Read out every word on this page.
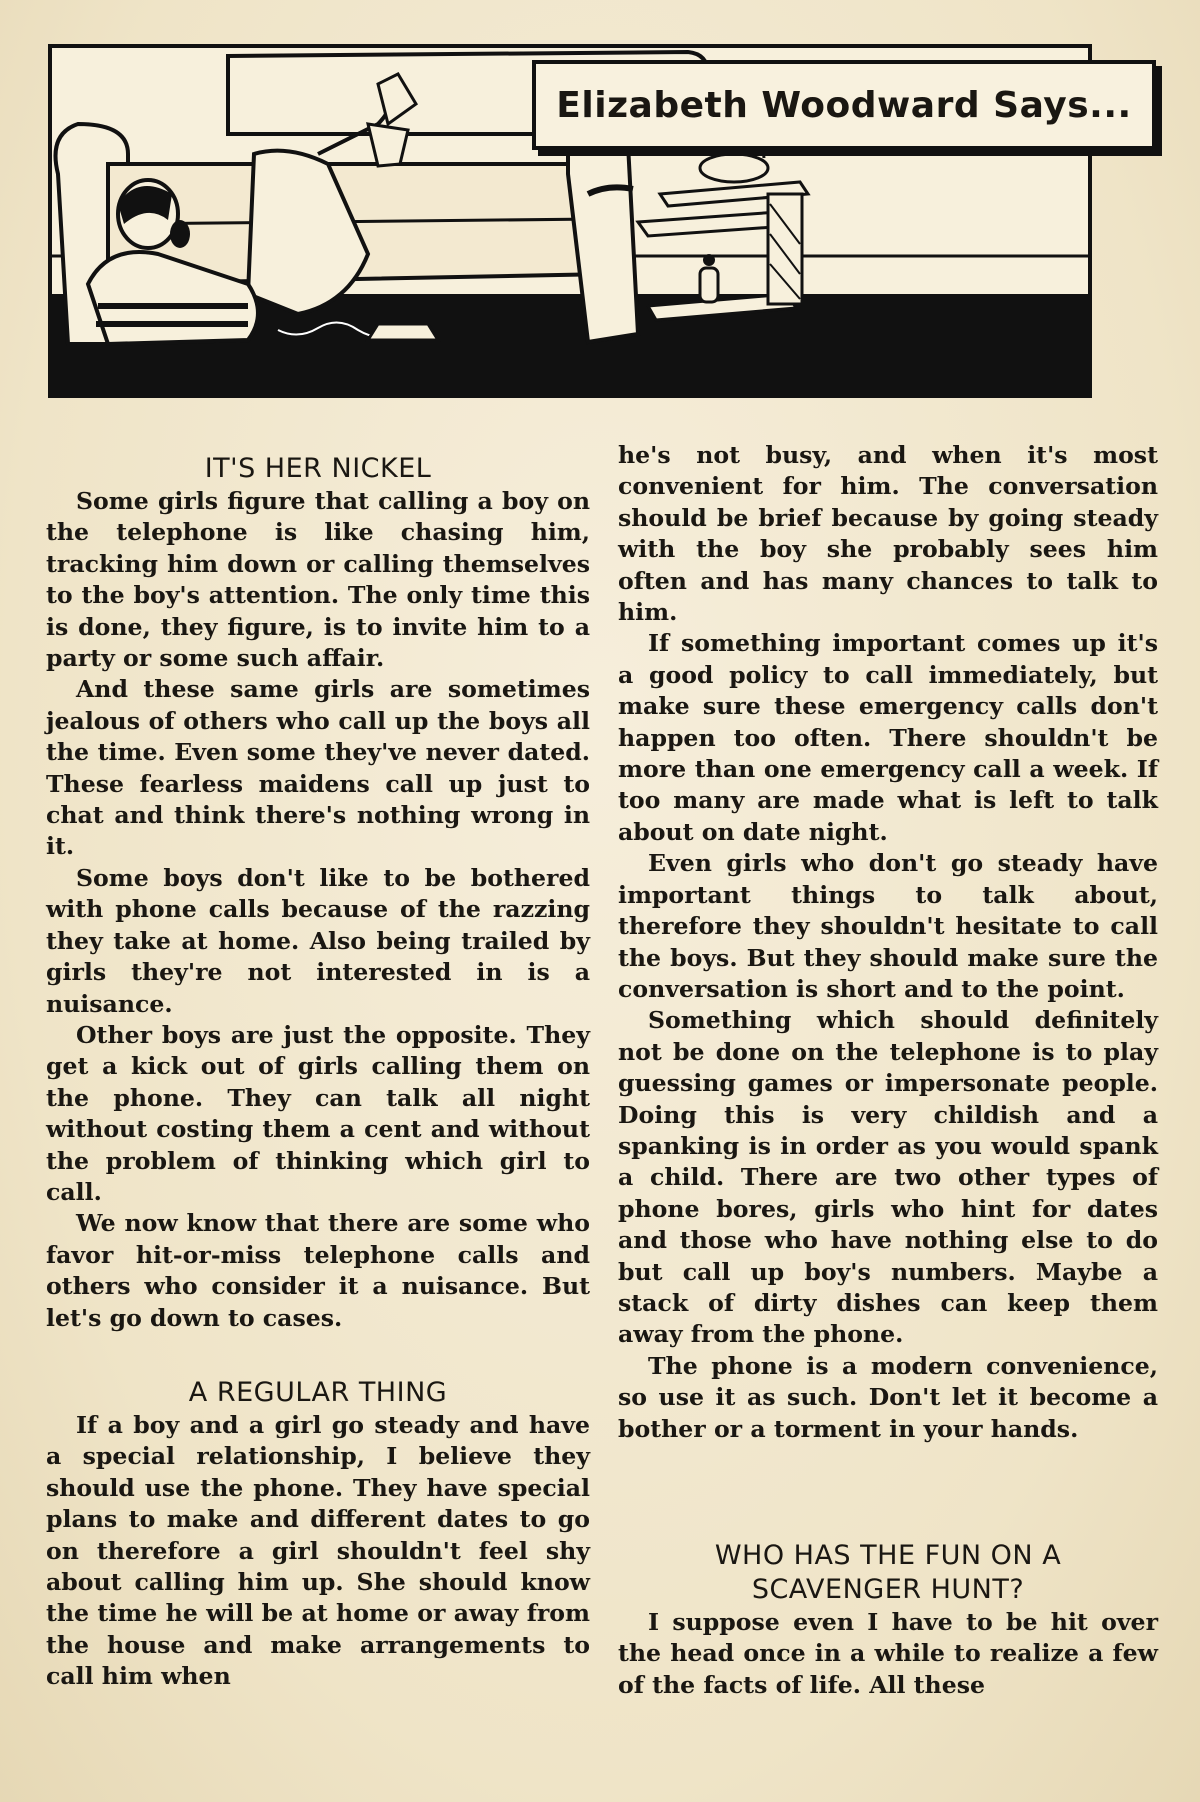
Elizabeth Woodward Says...
IT'S HER NICKEL

Some girls figure that calling a boy on the telephone is like chasing him, tracking him down or calling themselves to the boy's attention. The only time this is done, they figure, is to invite him to a party or some such affair.

And these same girls are sometimes jealous of others who call up the boys all the time. Even some they've never dated. These fearless maidens call up just to chat and think there's nothing wrong in it.

Some boys don't like to be bothered with phone calls because of the razzing they take at home. Also being trailed by girls they're not interested in is a nuisance.

Other boys are just the opposite. They get a kick out of girls calling them on the phone. They can talk all night without costing them a cent and without the problem of thinking which girl to call.

We now know that there are some who favor hit-or-miss telephone calls and others who consider it a nuisance. But let's go down to cases.

A REGULAR THING

If a boy and a girl go steady and have a special relationship, I believe they should use the phone. They have special plans to make and different dates to go on therefore a girl shouldn't feel shy about calling him up. She should know the time he will be at home or away from the house and make arrangements to call him when

he's not busy, and when it's most convenient for him. The conversation should be brief because by going steady with the boy she probably sees him often and has many chances to talk to him.

If something important comes up it's a good policy to call immediately, but make sure these emergency calls don't happen too often. There shouldn't be more than one emergency call a week. If too many are made what is left to talk about on date night.

Even girls who don't go steady have important things to talk about, therefore they shouldn't hesitate to call the boys. But they should make sure the conversation is short and to the point.

Something which should definitely not be done on the telephone is to play guessing games or impersonate people. Doing this is very childish and a spanking is in order as you would spank a child. There are two other types of phone bores, girls who hint for dates and those who have nothing else to do but call up boy's numbers. Maybe a stack of dirty dishes can keep them away from the phone.

The phone is a modern convenience, so use it as such. Don't let it become a bother or a torment in your hands.

WHO HAS THE FUN ON A
SCAVENGER HUNT?

I suppose even I have to be hit over the head once in a while to realize a few of the facts of life. All these
